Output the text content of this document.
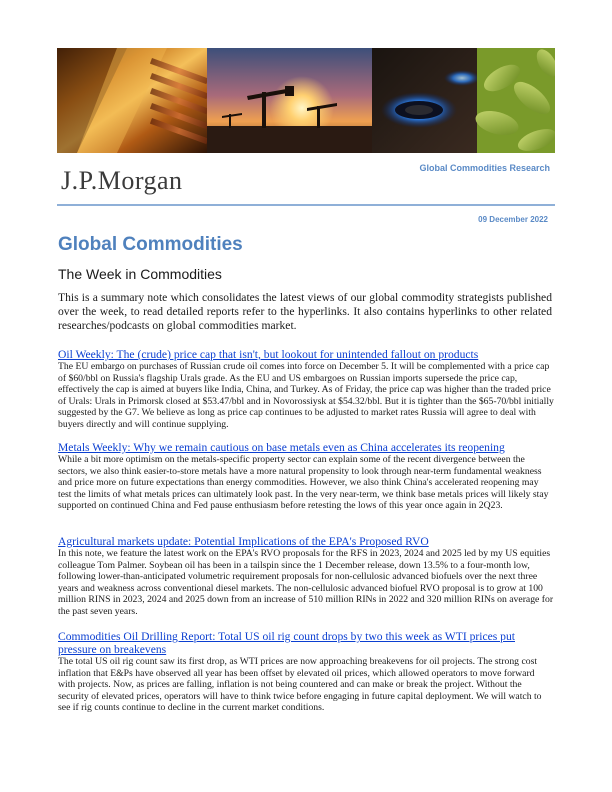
J.P.Morgan	Global Commodities Research
09 December 2022
Global Commodities
The Week in Commodities

This is a summary note which consolidates the latest views of our global commodity strategists published over the week, to read detailed reports refer to the hyperlinks. It also contains hyperlinks to other related researches/podcasts on global commodities market.

Oil Weekly: The (crude) price cap that isn't, but lookout for unintended fallout on products

The EU embargo on purchases of Russian crude oil comes into force on December 5. It will be complemented with a price cap of $60/bbl on Russia's flagship Urals grade. As the EU and US embargoes on Russian imports supersede the price cap, effectively the cap is aimed at buyers like India, China, and Turkey. As of Friday, the price cap was higher than the traded price of Urals: Urals in Primorsk closed at $53.47/bbl and in Novorossiysk at $54.32/bbl. But it is tighter than the $65-70/bbl initially suggested by the G7. We believe as long as price cap continues to be adjusted to market rates Russia will agree to deal with buyers directly and will continue supplying.

Metals Weekly: Why we remain cautious on base metals even as China accelerates its reopening

While a bit more optimism on the metals-specific property sector can explain some of the recent divergence between the sectors, we also think easier-to-store metals have a more natural propensity to look through near-term fundamental weakness and price more on future expectations than energy commodities. However, we also think China's accelerated reopening may test the limits of what metals prices can ultimately look past. In the very near-term, we think base metals prices will likely stay supported on continued China and Fed pause enthusiasm before retesting the lows of this year once again in 2Q23.

Agricultural markets update: Potential Implications of the EPA's Proposed RVO

In this note, we feature the latest work on the EPA's RVO proposals for the RFS in 2023, 2024 and 2025 led by my US equities colleague Tom Palmer. Soybean oil has been in a tailspin since the 1 December release, down 13.5% to a four-month low, following lower-than-anticipated volumetric requirement proposals for non-cellulosic advanced biofuels over the next three years and weakness across conventional diesel markets. The non-cellulosic advanced biofuel RVO proposal is to grow at 100 million RINS in 2023, 2024 and 2025 down from an increase of 510 million RINs in 2022 and 320 million RINs on average for the past seven years.

Commodities Oil Drilling Report: Total US oil rig count drops by two this week as WTI prices put pressure on breakevens

The total US oil rig count saw its first drop, as WTI prices are now approaching breakevens for oil projects. The strong cost inflation that E&Ps have observed all year has been offset by elevated oil prices, which allowed operators to move forward with projects. Now, as prices are falling, inflation is not being countered and can make or break the project. Without the security of elevated prices, operators will have to think twice before engaging in future capital deployment. We will watch to see if rig counts continue to decline in the current market conditions.
